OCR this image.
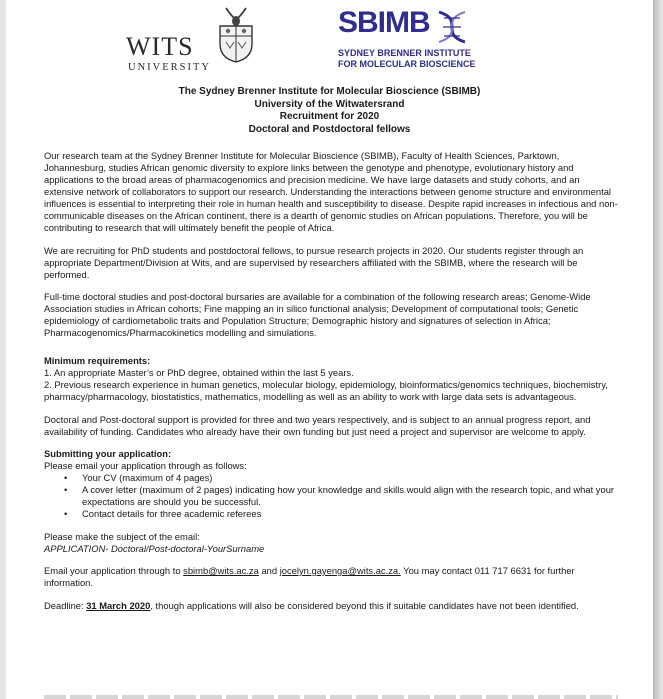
WITS
UNIVERSITY
SBIMB
SYDNEY BRENNER INSTITUTE
FOR MOLECULAR BIOSCIENCE
The Sydney Brenner Institute for Molecular Bioscience (SBIMB)
University of the Witwatersrand
Recruitment for 2020
Doctoral and Postdoctoral fellows

Our research team at the Sydney Brenner Institute for Molecular Bioscience (SBIMB), Faculty of Health Sciences, Parktown, Johannesburg, studies African genomic diversity to explore links between the genotype and phenotype, evolutionary history and applications to the broad areas of pharmacogenomics and precision medicine. We have large datasets and study cohorts, and an extensive network of collaborators to support our research. Understanding the interactions between genome structure and environmental influences is essential to interpreting their role in human health and susceptibility to disease. Despite rapid increases in infectious and non-communicable diseases on the African continent, there is a dearth of genomic studies on African populations. Therefore, you will be contributing to research that will ultimately benefit the people of Africa.

We are recruiting for PhD students and postdoctoral fellows, to pursue research projects in 2020. Our students register through an appropriate Department/Division at Wits, and are supervised by researchers affiliated with the SBIMB, where the research will be performed.

Full-time doctoral studies and post-doctoral bursaries are available for a combination of the following research areas; Genome-Wide Association studies in African cohorts; Fine mapping an in silico functional analysis; Development of computational tools; Genetic epidemiology of cardiometabolic traits and Population Structure; Demographic history and signatures of selection in Africa; Pharmacogenomics/Pharmacokinetics modelling and simulations.

Minimum requirements:
1. An appropriate Master’s or PhD degree, obtained within the last 5 years.

2. Previous research experience in human genetics, molecular biology, epidemiology, bioinformatics/genomics techniques, biochemistry, pharmacy/pharmacology, biostatistics, mathematics, modelling as well as an ability to work with large data sets is advantageous.

Doctoral and Post-doctoral support is provided for three and two years respectively, and is subject to an annual progress report, and availability of funding. Candidates who already have their own funding but just need a project and supervisor are welcome to apply.

Submitting your application:
Please email your application through as follows:
• Your CV (maximum of 4 pages)
• A cover letter (maximum of 2 pages) indicating how your knowledge and skills would align with the research topic, and what your expectations are should you be successful.
• Contact details for three academic referees

Please make the subject of the email:
APPLICATION- Doctoral/Post-doctoral-YourSurname

Email your application through to sbimb@wits.ac.za and jocelyn.gayenga@wits.ac.za. You may contact 011 717 6631 for further information.

Deadline: 31 March 2020, though applications will also be considered beyond this if suitable candidates have not been identified.
